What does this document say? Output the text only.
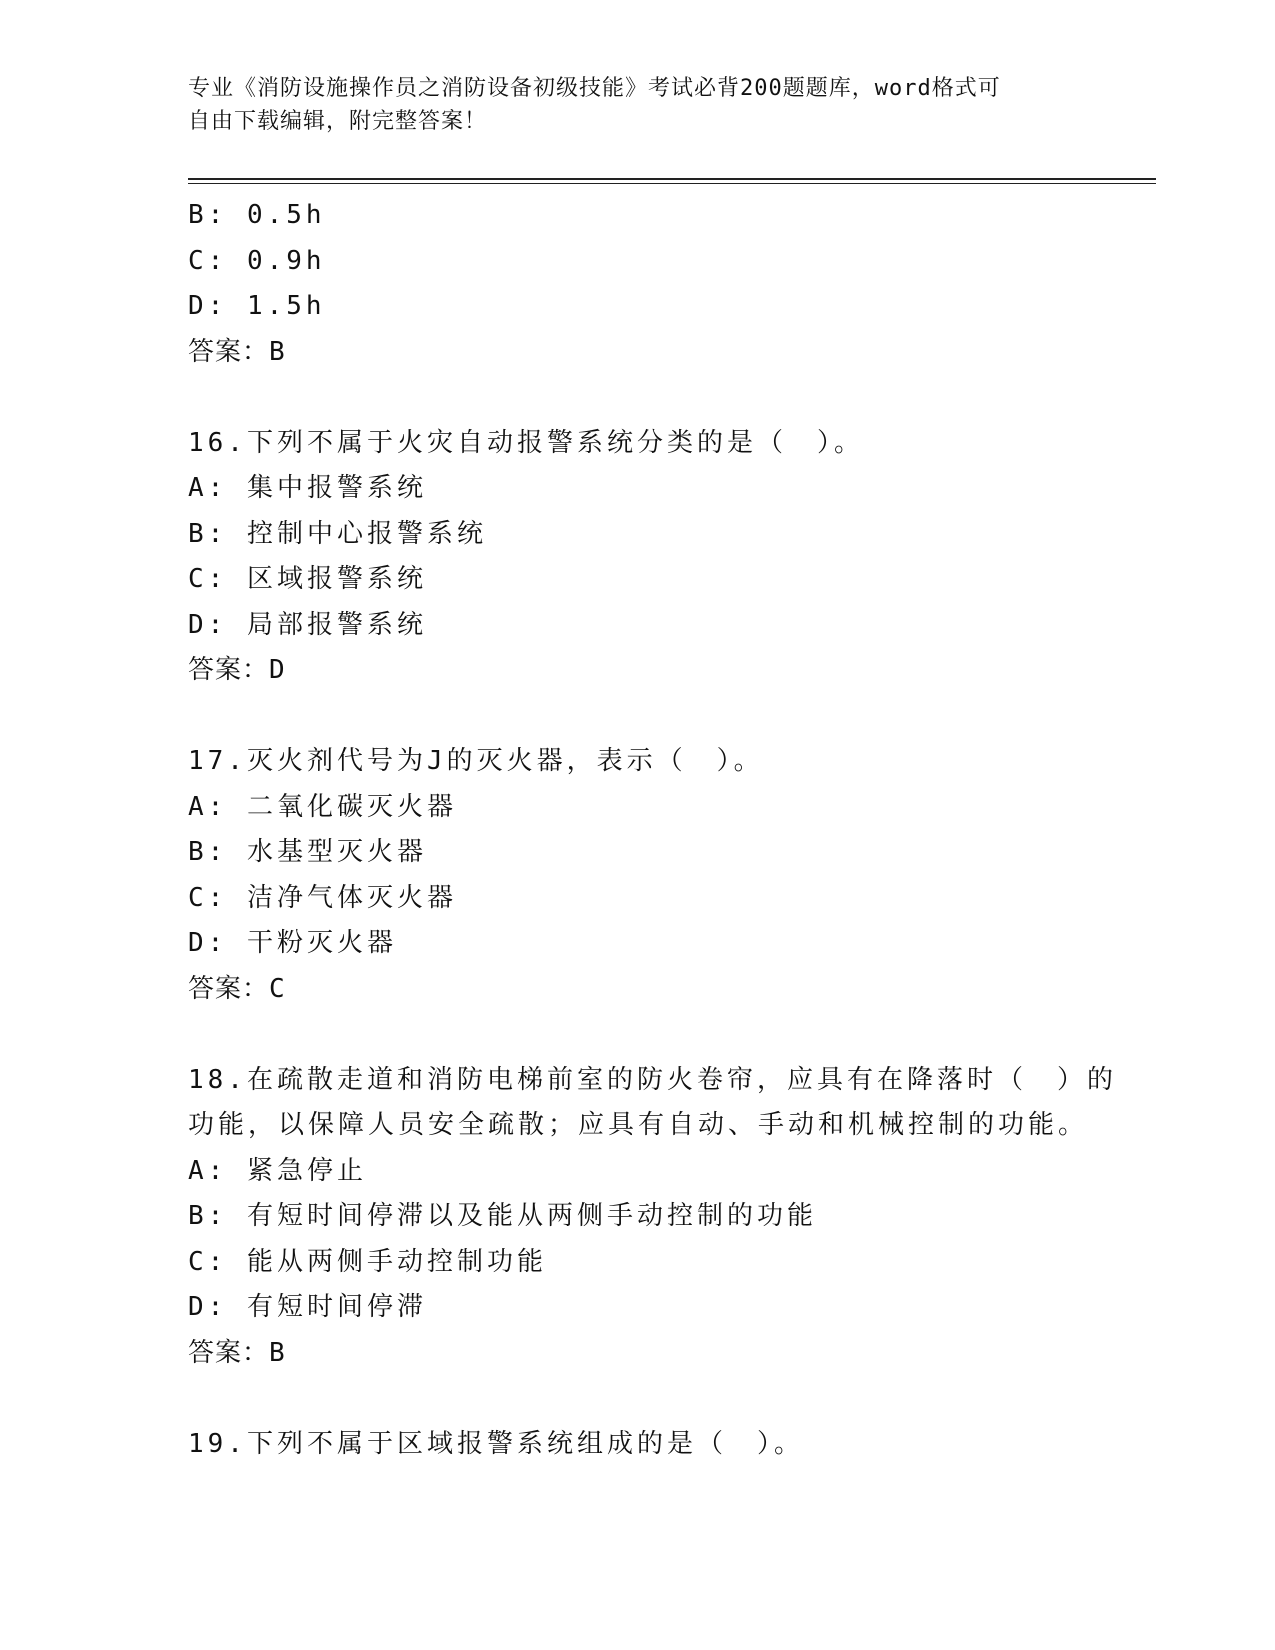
专业《消防设施操作员之消防设备初级技能》考试必背200题题库，word格式可
自由下载编辑，附完整答案！
B: 0.5h
C: 0.9h
D: 1.5h
答案：B
16.下列不属于火灾自动报警系统分类的是（　）。
A: 集中报警系统
B: 控制中心报警系统
C: 区域报警系统
D: 局部报警系统
答案：D
17.灭火剂代号为J的灭火器，表示（　）。
A: 二氧化碳灭火器
B: 水基型灭火器
C: 洁净气体灭火器
D: 干粉灭火器
答案：C
18.在疏散走道和消防电梯前室的防火卷帘，应具有在降落时（　）的
功能，以保障人员安全疏散；应具有自动、手动和机械控制的功能。
A: 紧急停止
B: 有短时间停滞以及能从两侧手动控制的功能
C: 能从两侧手动控制功能
D: 有短时间停滞
答案：B
19.下列不属于区域报警系统组成的是（　）。
